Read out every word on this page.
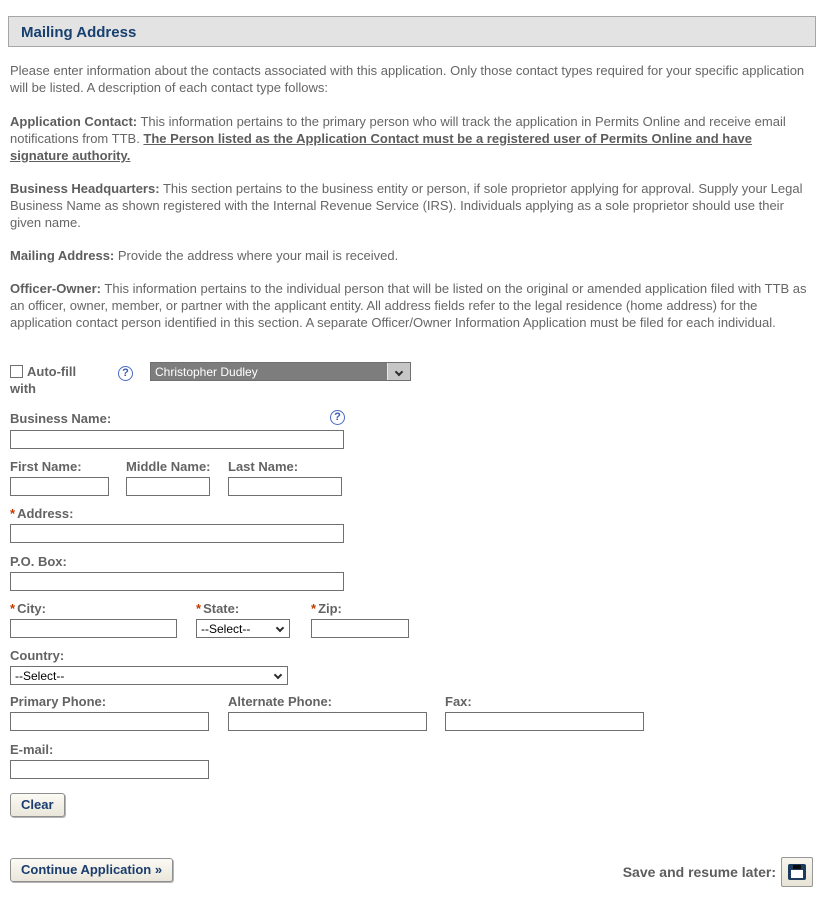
Mailing Address

Please enter information about the contacts associated with this application. Only those contact types required for your specific application will be listed. A description of each contact type follows:

Application Contact: This information pertains to the primary person who will track the application in Permits Online and receive email notifications from TTB. The Person listed as the Application Contact must be a registered user of Permits Online and have signature authority.

Business Headquarters: This section pertains to the business entity or person, if sole proprietor applying for approval. Supply your Legal Business Name as shown registered with the Internal Revenue Service (IRS). Individuals applying as a sole proprietor should use their given name.

Mailing Address: Provide the address where your mail is received.

Officer-Owner: This information pertains to the individual person that will be listed on the original or amended application filed with TTB as an officer, owner, member, or partner with the applicant entity. All address fields refer to the legal residence (home address) for the application contact person identified in this section. A separate Officer/Owner Information Application must be filed for each individual.

Auto-fill with
?	Christopher Dudley
Business Name:	?
First Name:	Middle Name: Last Name:
* Address:
P.O. Box:
* City:	* State:	* Zip:
--Select--
Country:
--Select--
Primary Phone:	Alternate Phone:	Fax:
E-mail:
Clear
Continue Application »	Save and resume later:
